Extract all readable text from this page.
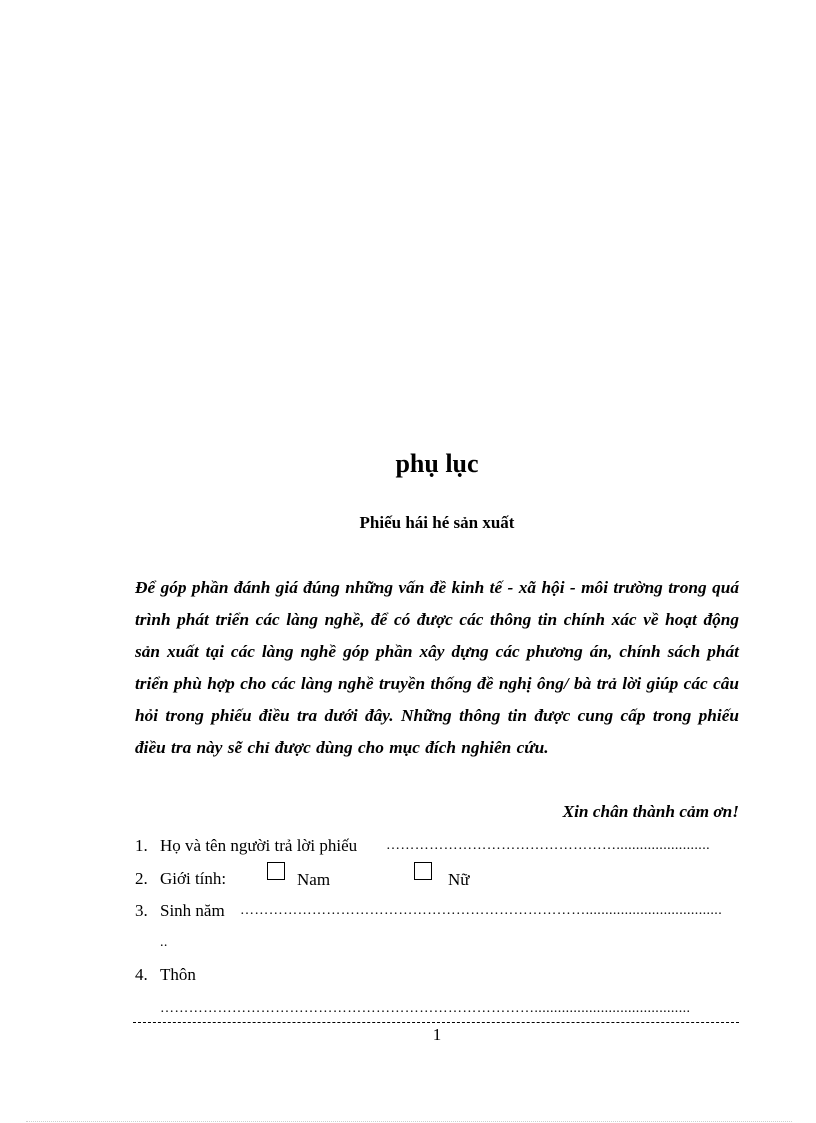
phụ lục
Phiếu hái hé sản xuất

Để góp phần đánh giá đúng những vấn đề kinh tế - xã hội - môi trường trong quá trình phát triển các làng nghề, để có được các thông tin chính xác về hoạt động sản xuất tại các làng nghề góp phần xây dựng các phương án, chính sách phát triển phù hợp cho các làng nghề truyền thống đề nghị ông/ bà trả lời giúp các câu hỏi trong phiếu điều tra dưới đây. Những thông tin được cung cấp trong phiếu điều tra này sẽ chỉ được dùng cho mục đích nghiên cứu.

Xin chân thành cảm ơn!
1. Họ và tên người trả lời phiếu …………………………………………........................
2. Giới tính:	Nam	Nữ
3. Sinh năm ………………………………………………………………...................................
..
4. Thôn
……………………………………………………………………........................................
1
